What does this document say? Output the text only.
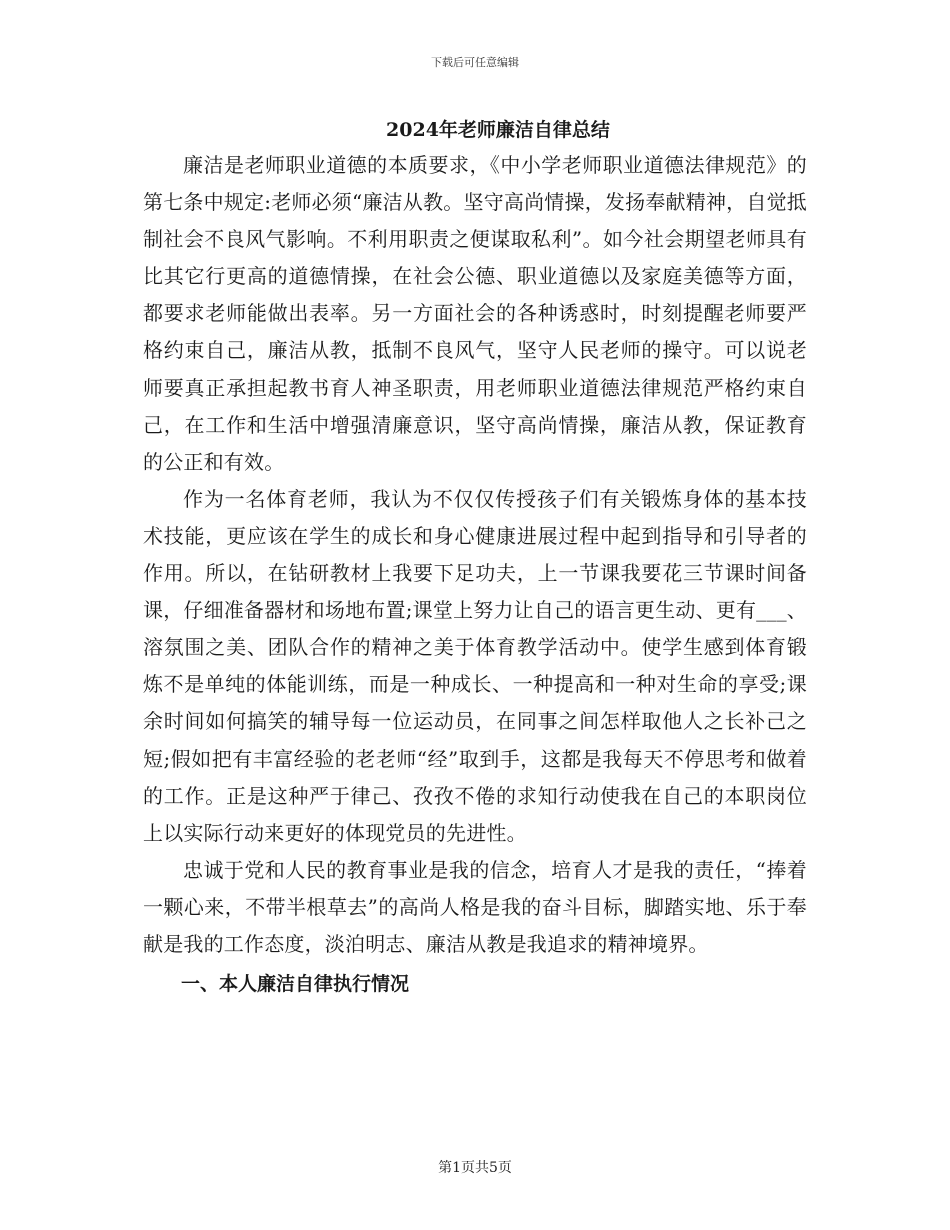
下载后可任意编辑
2024年老师廉洁自律总结

廉洁是老师职业道德的本质要求，《中小学老师职业道德法律规范》的第七条中规定:老师必须“廉洁从教。坚守高尚情操，发扬奉献精神，自觉抵制社会不良风气影响。不利用职责之便谋取私利”。如今社会期望老师具有比其它行更高的道德情操，在社会公德、职业道德以及家庭美德等方面，都要求老师能做出表率。另一方面社会的各种诱惑时，时刻提醒老师要严格约束自己，廉洁从教，抵制不良风气，坚守人民老师的操守。可以说老师要真正承担起教书育人神圣职责，用老师职业道德法律规范严格约束自己，在工作和生活中增强清廉意识，坚守高尚情操，廉洁从教，保证教育的公正和有效。

作为一名体育老师，我认为不仅仅传授孩子们有关锻炼身体的基本技术技能，更应该在学生的成长和身心健康进展过程中起到指导和引导者的作用。所以，在钻研教材上我要下足功夫，上一节课我要花三节课时间备课，仔细准备器材和场地布置;课堂上努力让自己的语言更生动、更有___、溶氛围之美、团队合作的精神之美于体育教学活动中。使学生感到体育锻炼不是单纯的体能训练，而是一种成长、一种提高和一种对生命的享受;课余时间如何搞笑的辅导每一位运动员，在同事之间怎样取他人之长补己之短;假如把有丰富经验的老老师“经”取到手，这都是我每天不停思考和做着的工作。正是这种严于律己、孜孜不倦的求知行动使我在自己的本职岗位上以实际行动来更好的体现党员的先进性。

忠诚于党和人民的教育事业是我的信念，培育人才是我的责任，“捧着一颗心来，不带半根草去”的高尚人格是我的奋斗目标，脚踏实地、乐于奉献是我的工作态度，淡泊明志、廉洁从教是我追求的精神境界。

一、本人廉洁自律执行情况

第1页共5页
